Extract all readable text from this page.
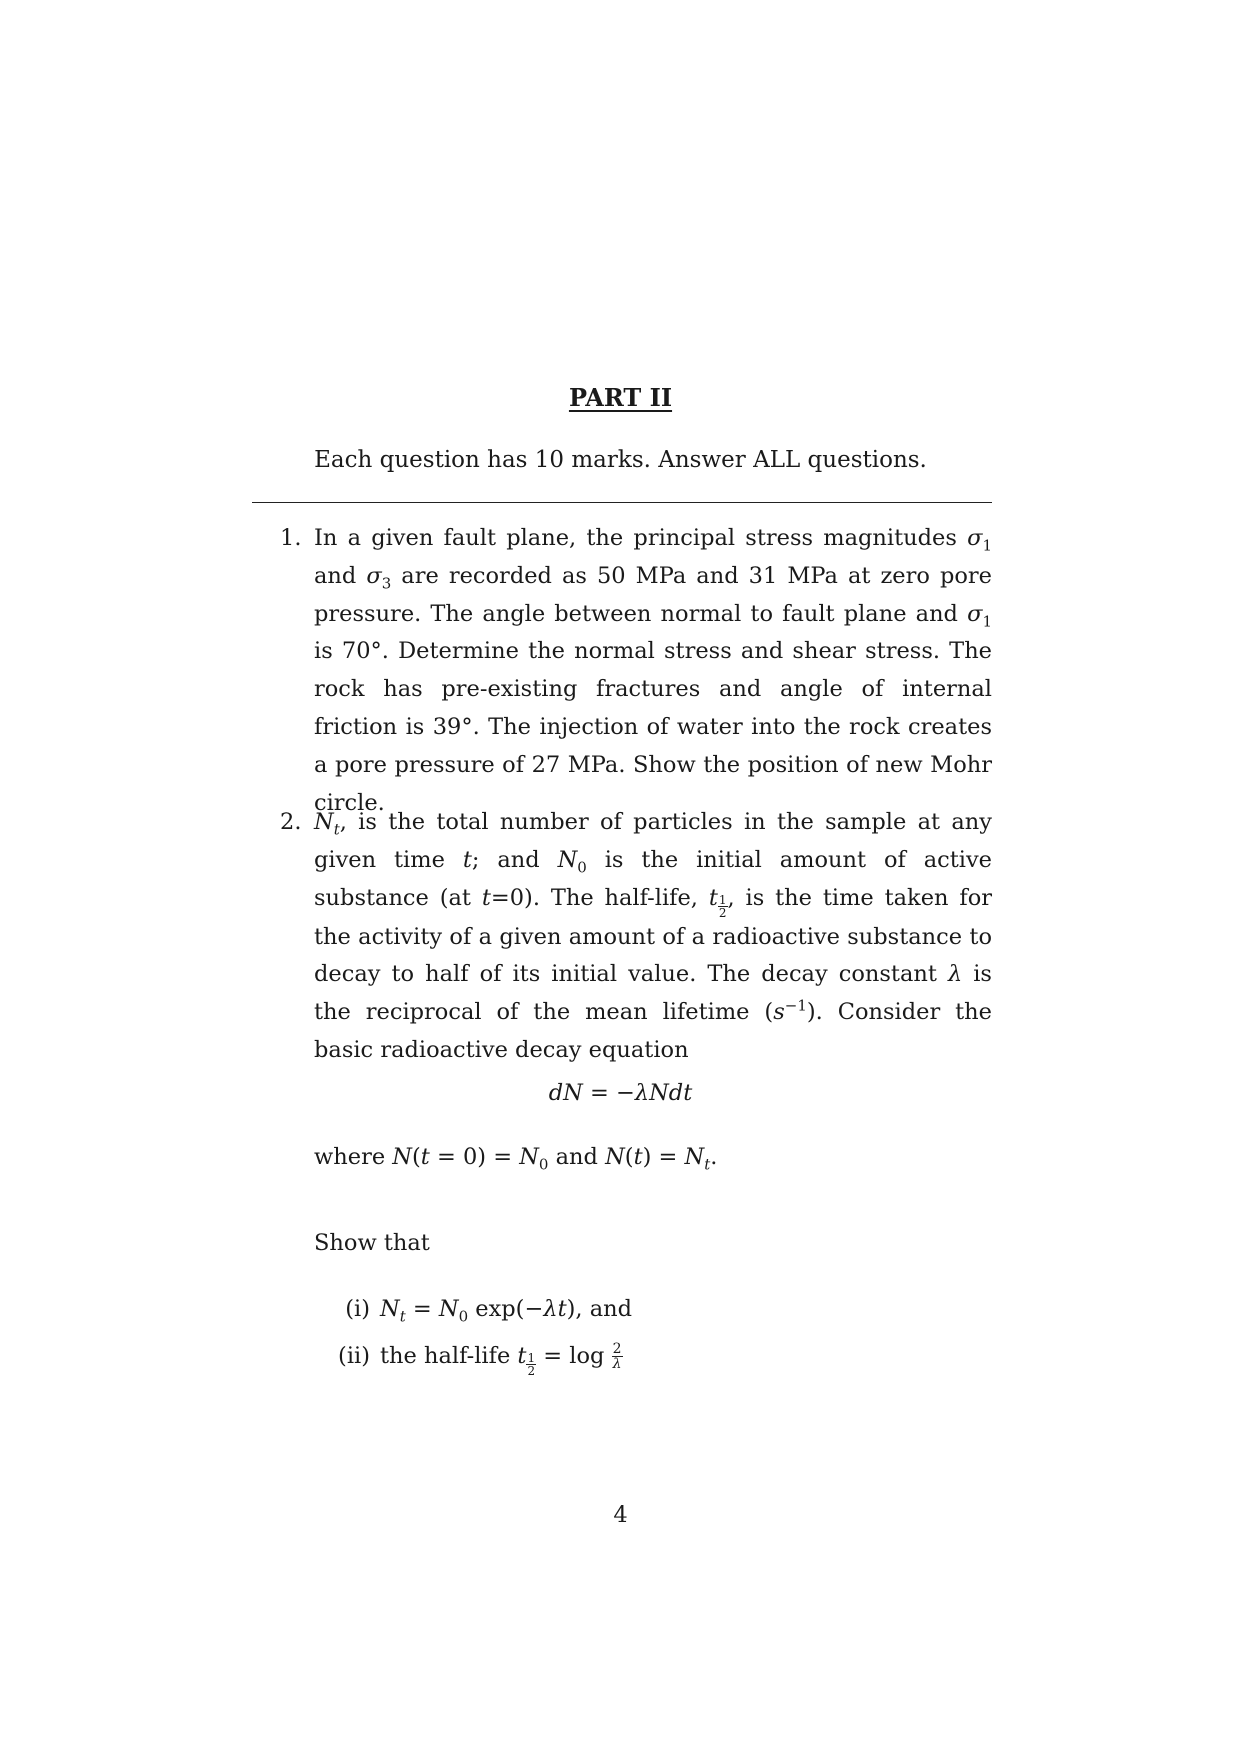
PART II
Each question has 10 marks. Answer ALL questions.
1. In a given fault plane, the principal stress magnitudes $\sigma_1$ and $\sigma_3$ are recorded as 50 MPa and 31 MPa at zero pore pressure. The angle between normal to fault plane and $\sigma_1$ is 70°. Determine the normal stress and shear stress. The rock has pre-existing fractures and angle of internal friction is 39°. The injection of water into the rock creates a pore pressure of 27 MPa. Show the position of new Mohr circle.
2. $N_t$, is the total number of particles in the sample at any given time t; and $N_0$ is the initial amount of active substance (at t=0). The half-life, t $_{\frac{1}{2}}$ , is the time taken for the activity of a given amount of a radioactive substance to decay to half of its initial value. The decay constant λ is the reciprocal of the mean lifetime $(s^{-1})$. Consider the basic radioactive decay equation
dN = −λNdt
where $N(t = 0) = N_0$ and $N(t) = N_t$.
Show that
(i) $N_t = N_0$ exp(−λt), and
(ii) the half-life t $_{\frac{1}{2}} = \log \frac{2}{\lambda}$
4
